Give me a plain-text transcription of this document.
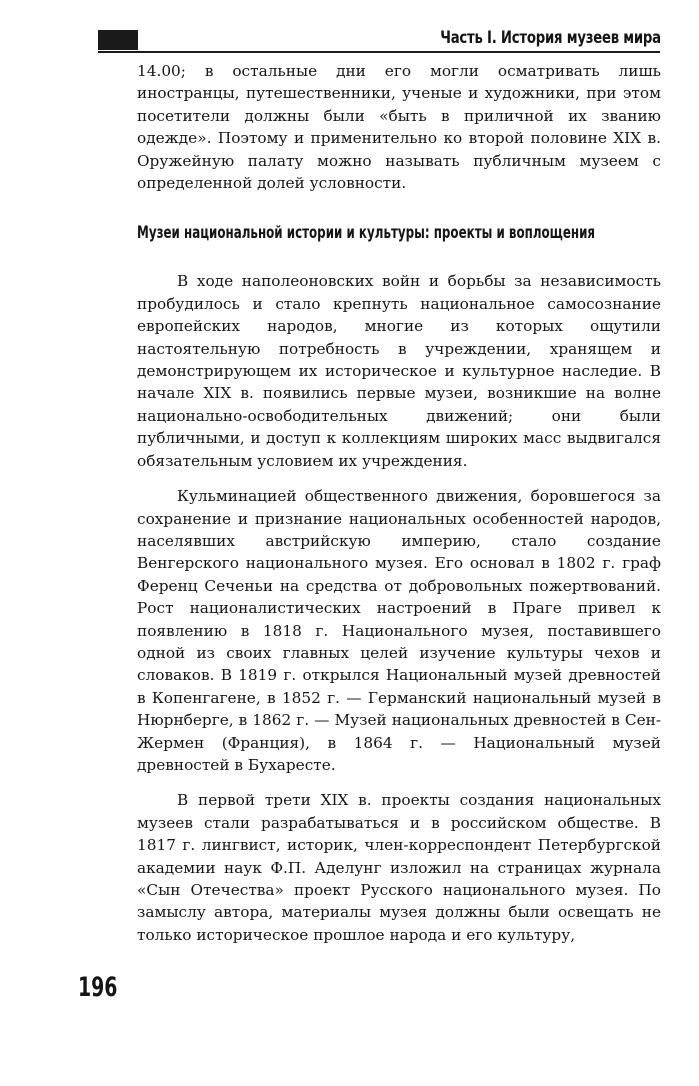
Часть I. История музеев мира

14.00; в остальные дни его могли осматривать лишь иностранцы, путешественники, ученые и художники, при этом посетители должны были «быть в приличной их званию одежде». Поэтому и применительно ко второй половине XIX в. Оружейную палату можно называть публичным музеем с определенной долей условности.

Музеи национальной истории и культуры: проекты и воплощения

В ходе наполеоновских войн и борьбы за независимость пробудилось и стало крепнуть национальное самосознание европейских народов, многие из которых ощутили настоятельную потребность в учреждении, хранящем и демонстрирующем их историческое и культурное наследие. В начале XIX в. появились первые музеи, возникшие на волне национально-освободительных движений; они были публичными, и доступ к коллекциям широких масс выдвигался обязательным условием их учреждения.

Кульминацией общественного движения, боровшегося за сохранение и признание национальных особенностей народов, населявших австрийскую империю, стало создание Венгерского национального музея. Его основал в 1802 г. граф Ференц Сеченьи на средства от добровольных пожертвований. Рост националистических настроений в Праге привел к появлению в 1818 г. Национального музея, поставившего одной из своих главных целей изучение культуры чехов и словаков. В 1819 г. открылся Национальный музей древностей в Копенгагене, в 1852 г. — Германский национальный музей в Нюрнберге, в 1862 г. — Музей национальных древностей в Сен-Жермен (Франция), в 1864 г. — Национальный музей древностей в Бухаресте.

В первой трети XIX в. проекты создания национальных музеев стали разрабатываться и в российском обществе. В 1817 г. лингвист, историк, член-корреспондент Петербургской академии наук Ф.П. Аделунг изложил на страницах журнала «Сын Отечества» проект Русского национального музея. По замыслу автора, материалы музея должны были освещать не только историческое прошлое народа и его культуру,

196
